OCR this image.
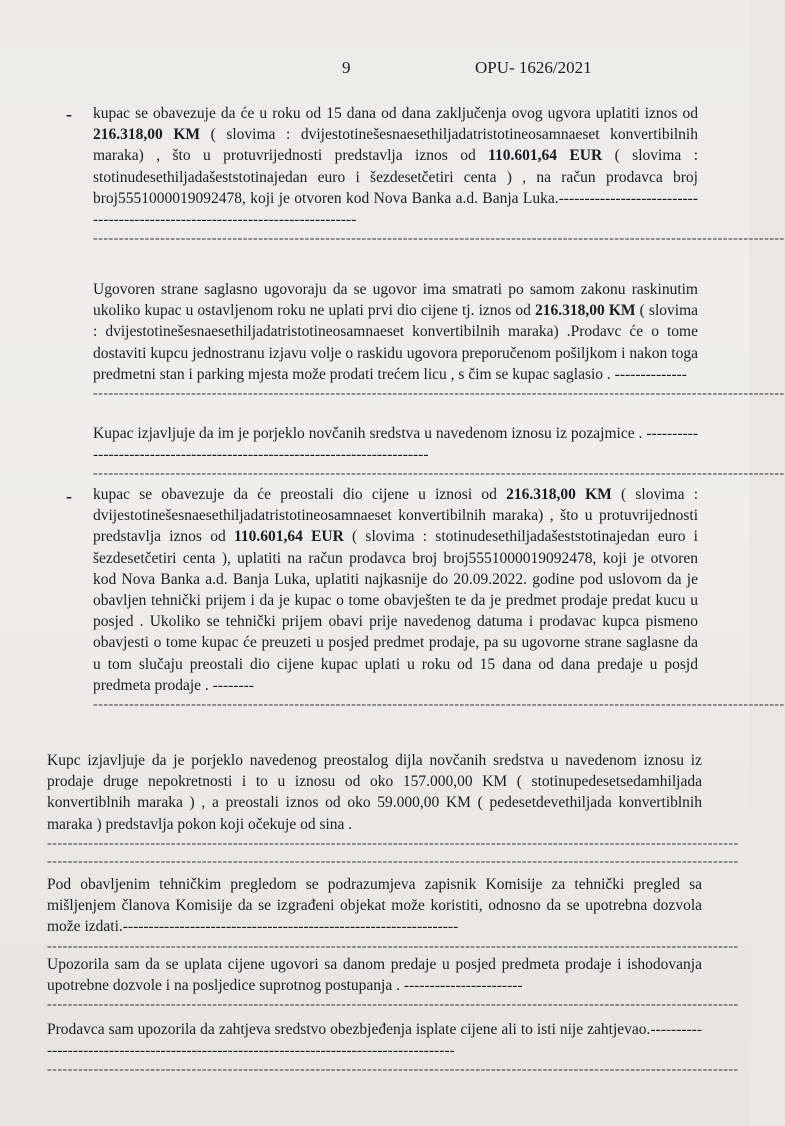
9	OPU- 1626/2021
- kupac se obavezuje da će u roku od 15 dana od dana zaključenja ovog ugvora uplatiti iznos od 216.318,00 KM ( slovima : dvijestotinešesnaesethiljadatristotineosamnaeset konvertibilnih maraka) , što u protuvrijednosti predstavlja iznos od 110.601,64 EUR ( slovima : stotinudesethiljadašeststotinajedan euro i šezdesetčetiri centa ) , na račun prodavca broj broj5551000019092478, koji je otvoren kod Nova Banka a.d. Banja Luka.------------------------------------------------------------------------------

--------------------------------------------------------------------------------------------------------------------------------------

Ugovoren strane saglasno ugovoraju da se ugovor ima smatrati po samom zakonu raskinutim ukoliko kupac u ostavljenom roku ne uplati prvi dio cijene tj. iznos od 216.318,00 KM ( slovima : dvijestotinešesnaesethiljadatristotineosamnaeset konvertibilnih maraka) .Prodavc će o tome dostaviti kupcu jednostranu izjavu volje o raskidu ugovora preporučenom pošiljkom i nakon toga predmetni stan i parking mjesta može prodati trećem licu , s čim se kupac saglasio . --------------

--------------------------------------------------------------------------------------------------------------------------------------

Kupac izjavljuje da im je porjeklo novčanih sredstva u navedenom iznosu iz pozajmice . ---------------------------------------------------------------------------

--------------------------------------------------------------------------------------------------------------------------------------
- kupac se obavezuje da će preostali dio cijene u iznosi od 216.318,00 KM ( slovima : dvijestotinešesnaesethiljadatristotineosamnaeset konvertibilnih maraka) , što u protuvrijednosti predstavlja iznos od 110.601,64 EUR ( slovima : stotinudesethiljadašeststotinajedan euro i šezdesetčetiri centa ), uplatiti na račun prodavca broj broj5551000019092478, koji je otvoren kod Nova Banka a.d. Banja Luka, uplatiti najkasnije do 20.09.2022. godine pod uslovom da je obavljen tehnički prijem i da je kupac o tome obavješten te da je predmet prodaje predat kucu u posjed . Ukoliko se tehnički prijem obavi prije navedenog datuma i prodavac kupca pismeno obavjesti o tome kupac će preuzeti u posjed predmet prodaje, pa su ugovorne strane saglasne da u tom slučaju preostali dio cijene kupac uplati u roku od 15 dana od dana predaje u posjd predmeta prodaje . --------

--------------------------------------------------------------------------------------------------------------------------------------

Kupc izjavljuje da je porjeklo navedenog preostalog dijla novčanih sredstva u navedenom iznosu iz prodaje druge nepokretnosti i to u iznosu od oko 157.000,00 KM ( stotinupedesetsedamhiljada konvertiblnih maraka ) , a preostali iznos od oko 59.000,00 KM ( pedesetdevethiljada konvertiblnih maraka ) predstavlja pokon koji očekuje od sina .

--------------------------------------------------------------------------------------------------------------------------------------
--------------------------------------------------------------------------------------------------------------------------------------

Pod obavljenim tehničkim pregledom se podrazumjeva zapisnik Komisije za tehnički pregled sa mišljenjem članova Komisije da se izgrađeni objekat može koristiti, odnosno da se upotrebna dozvola može izdati.-----------------------------------------------------------------

--------------------------------------------------------------------------------------------------------------------------------------

Upozorila sam da se uplata cijene ugovori sa danom predaje u posjed predmeta prodaje i ishodovanja upotrebne dozvole i na posljedice suprotnog postupanja . -----------------------

--------------------------------------------------------------------------------------------------------------------------------------

Prodavca sam upozorila da zahtjeva sredstvo obezbjeđenja isplate cijene ali to isti nije zahtjevao.-----------------------------------------------------------------------------------------

--------------------------------------------------------------------------------------------------------------------------------------
